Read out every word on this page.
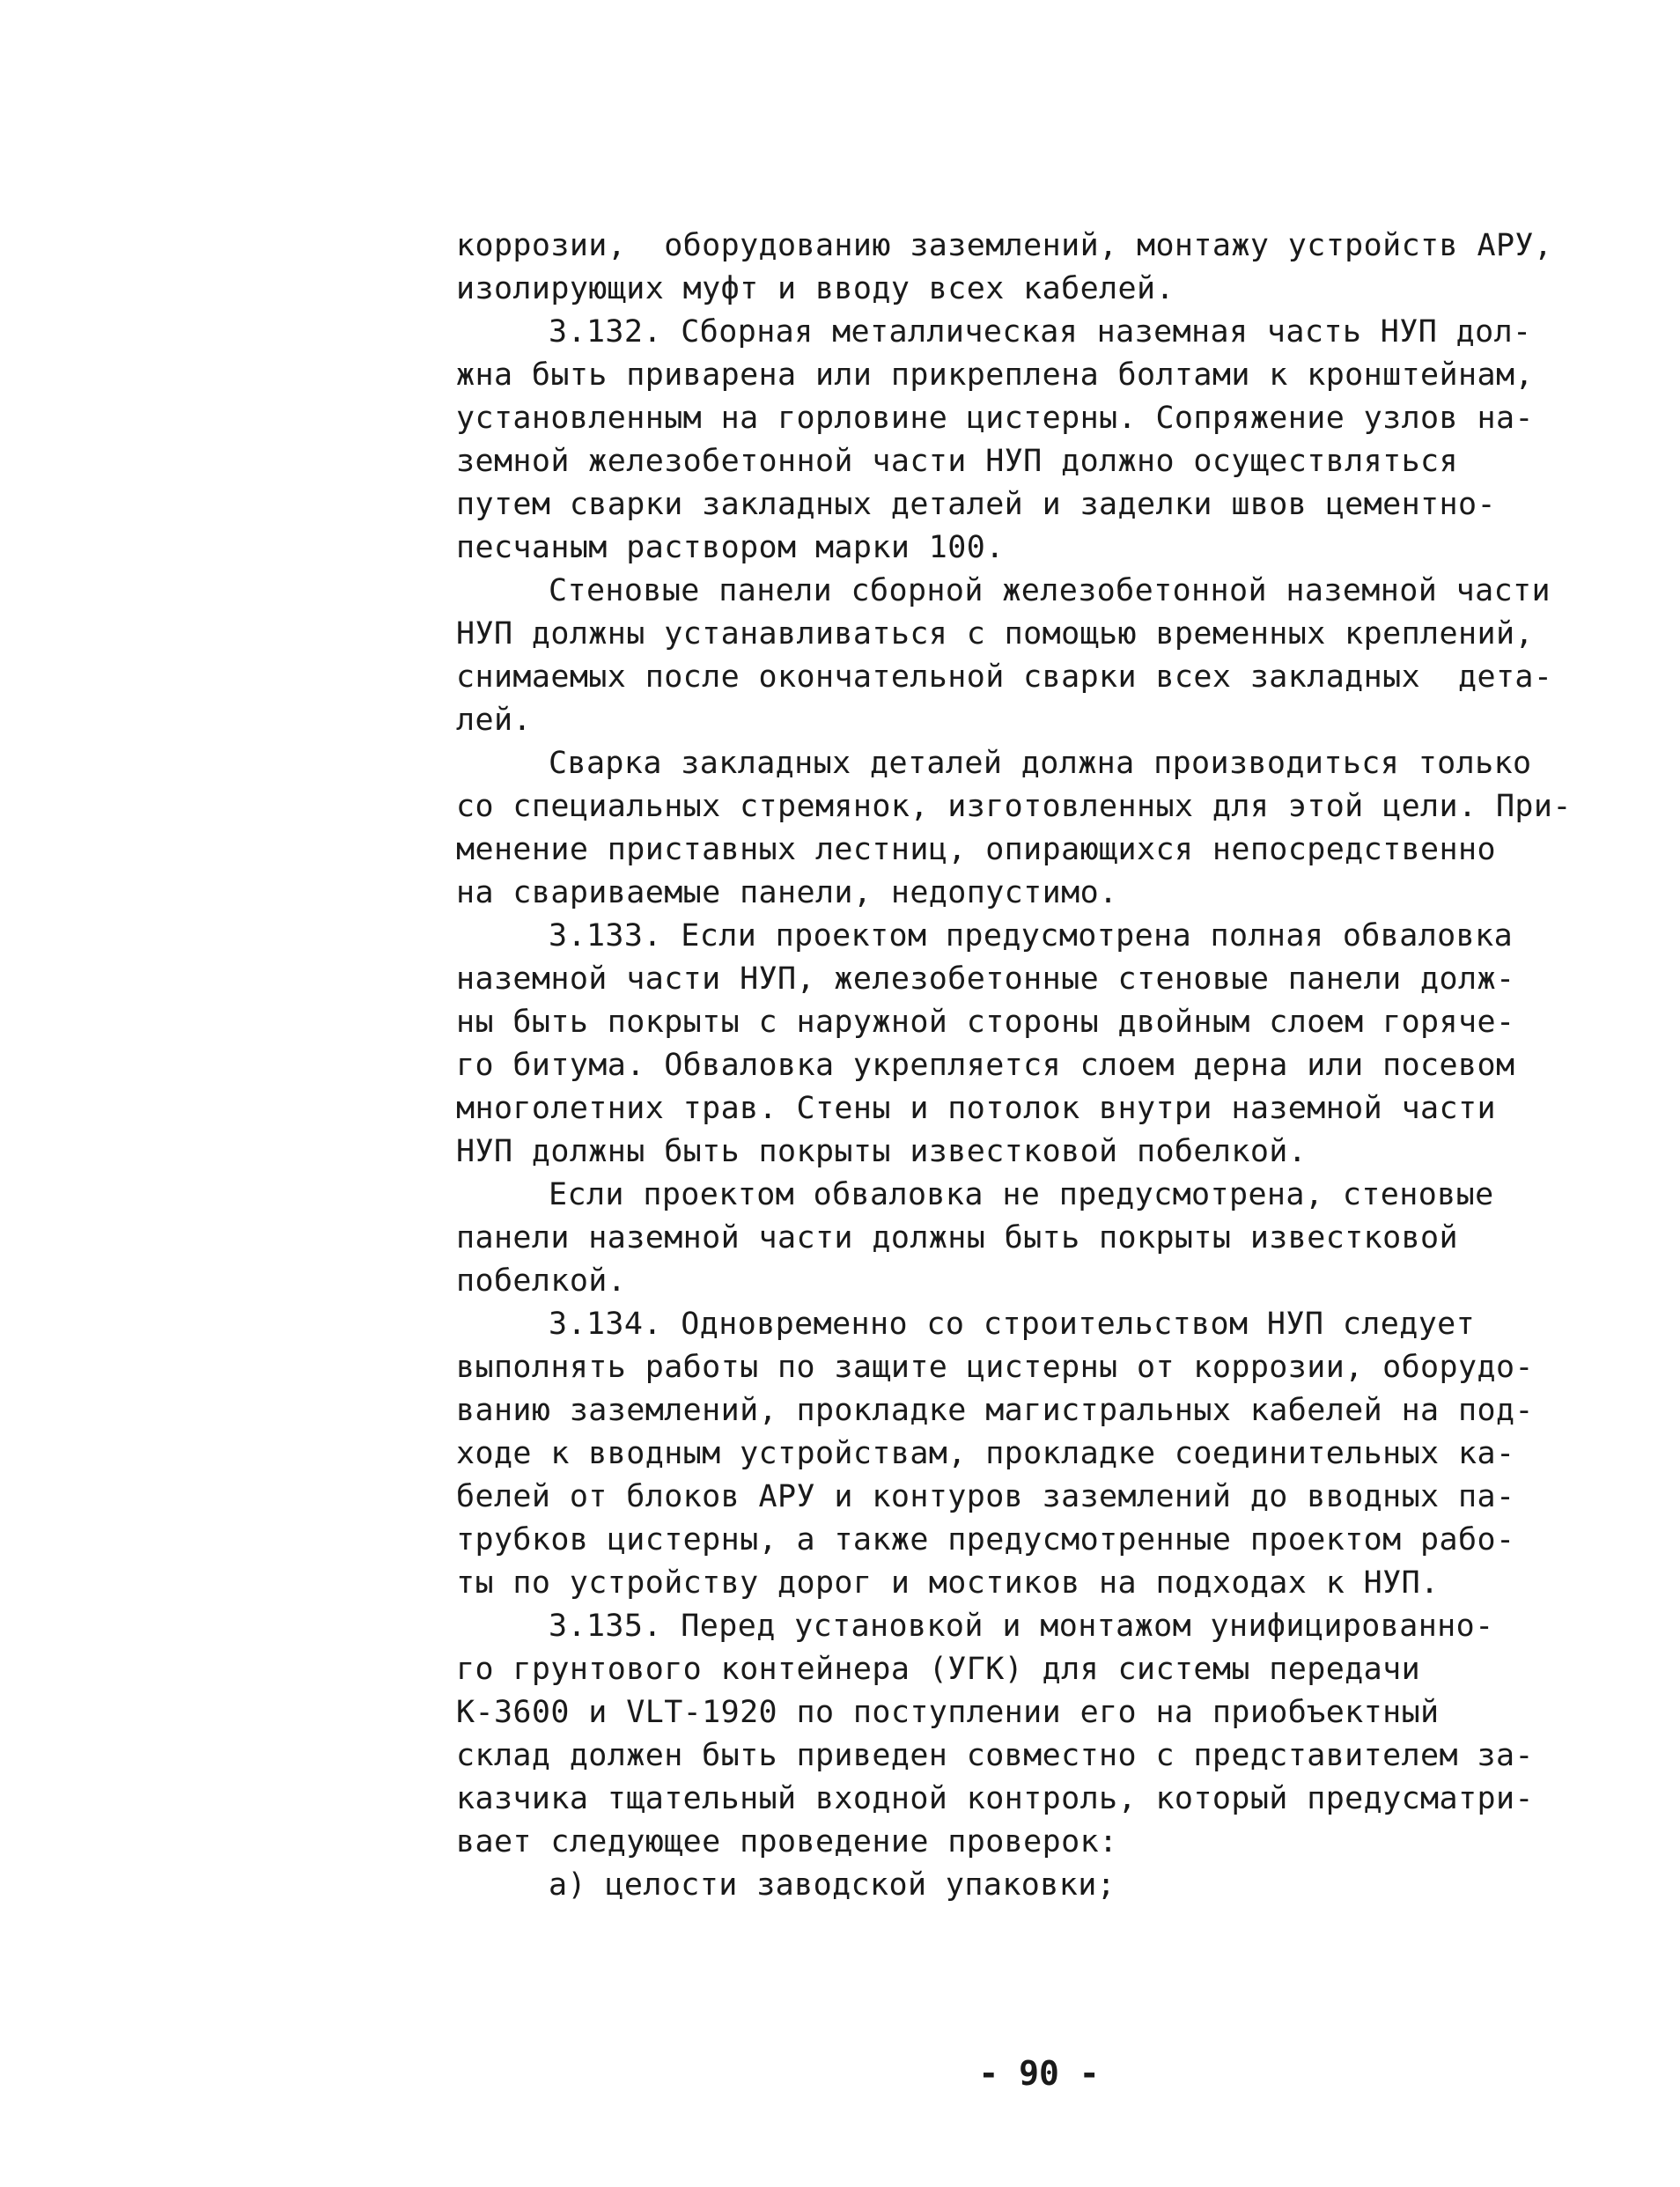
коррозии,  оборудованию заземлений, монтажу устройств АРУ,
изолирующих муфт и вводу всех кабелей.
3.132. Сборная металлическая наземная часть НУП дол-
жна быть приварена или прикреплена болтами к кронштейнам,
установленным на горловине цистерны. Сопряжение узлов на-
земной железобетонной части НУП должно осуществляться
путем сварки закладных деталей и заделки швов цементно-
песчаным раствором марки 100.
Стеновые панели сборной железобетонной наземной части
НУП должны устанавливаться с помощью временных креплений,
снимаемых после окончательной сварки всех закладных  дета-
лей.
Сварка закладных деталей должна производиться только
со специальных стремянок, изготовленных для этой цели. При-
менение приставных лестниц, опирающихся непосредственно
на свариваемые панели, недопустимо.
3.133. Если проектом предусмотрена полная обваловка
наземной части НУП, железобетонные стеновые панели долж-
ны быть покрыты с наружной стороны двойным слоем горяче-
го битума. Обваловка укрепляется слоем дерна или посевом
многолетних трав. Стены и потолок внутри наземной части
НУП должны быть покрыты известковой побелкой.
Если проектом обваловка не предусмотрена, стеновые
панели наземной части должны быть покрыты известковой
побелкой.
3.134. Одновременно со строительством НУП следует
выполнять работы по защите цистерны от коррозии, оборудо-
ванию заземлений, прокладке магистральных кабелей на под-
ходе к вводным устройствам, прокладке соединительных ка-
белей от блоков АРУ и контуров заземлений до вводных па-
трубков цистерны, а также предусмотренные проектом рабо-
ты по устройству дорог и мостиков на подходах к НУП.
3.135. Перед установкой и монтажом унифицированно-
го грунтового контейнера (УГК) для системы передачи
К-3600 и VLT-1920 по поступлении его на приобъектный
склад должен быть приведен совместно с представителем за-
казчика тщательный входной контроль, который предусматри-
вает следующее проведение проверок:
а) целости заводской упаковки;
- 90 -
